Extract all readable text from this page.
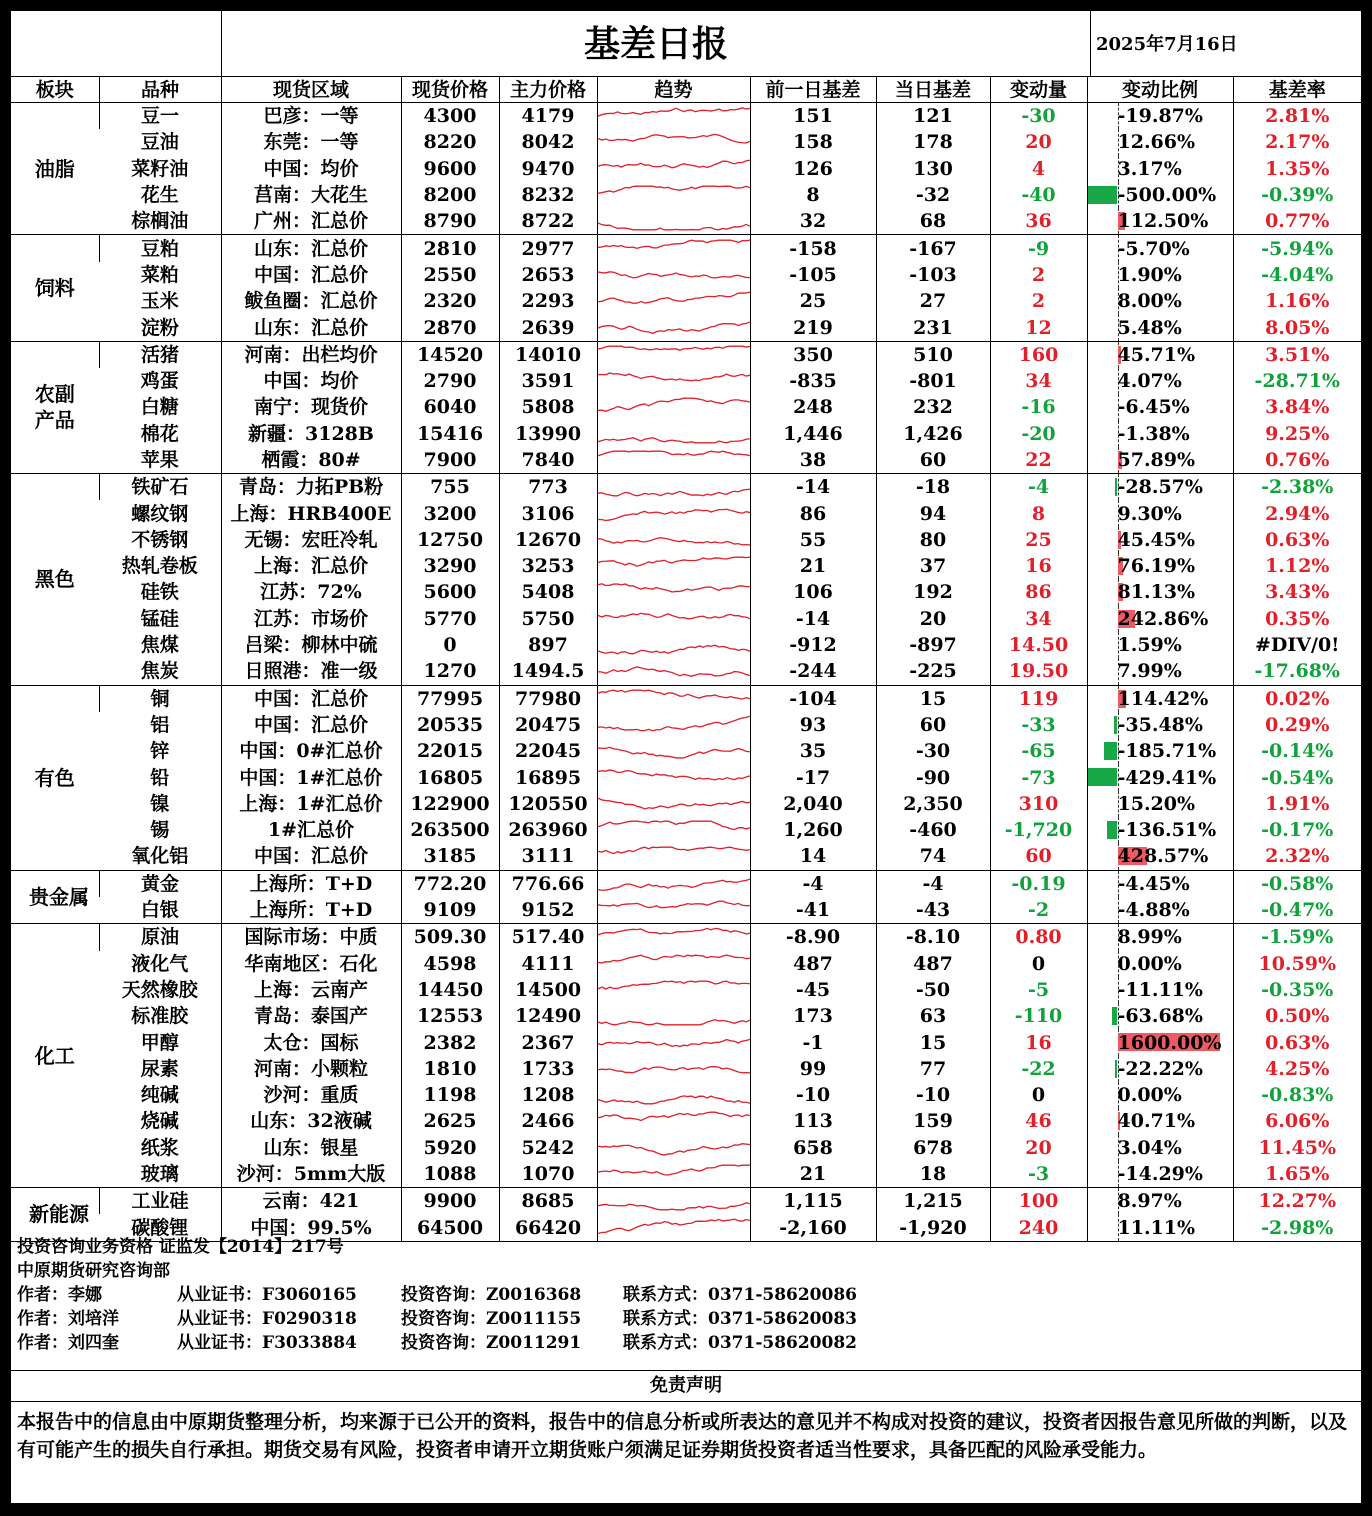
基差日报	2025年7月16日
板块	品种	现货区域	现货价格	主力价格	趋势	前一日基差	当日基差	变动量	变动比例	基差率
油脂	豆一	巴彦：一等	4300	4179		151	121	-30	-19.87%	2.81%
	豆油	东莞：一等	8220	8042		158	178	20	12.66%	2.17%
	菜籽油	中国：均价	9600	9470		126	130	4	3.17%	1.35%
	花生	莒南：大花生	8200	8232		8	-32	-40	-500.00%	-0.39%
	棕榈油	广州：汇总价	8790	8722		32	68	36	112.50%	0.77%
饲料	豆粕	山东：汇总价	2810	2977		-158	-167	-9	-5.70%	-5.94%
	菜粕	中国：汇总价	2550	2653		-105	-103	2	1.90%	-4.04%
	玉米	鲅鱼圈：汇总价	2320	2293		25	27	2	8.00%	1.16%
	淀粉	山东：汇总价	2870	2639		219	231	12	5.48%	8.05%
农副产品	活猪	河南：出栏均价	14520	14010		350	510	160	45.71%	3.51%
	鸡蛋	中国：均价	2790	3591		-835	-801	34	4.07%	-28.71%
	白糖	南宁：现货价	6040	5808		248	232	-16	-6.45%	3.84%
	棉花	新疆：3128B	15416	13990		1,446	1,426	-20	-1.38%	9.25%
	苹果	栖霞：80#	7900	7840		38	60	22	57.89%	0.76%
黑色	铁矿石	青岛：力拓PB粉	755	773		-14	-18	-4	-28.57%	-2.38%
	螺纹钢	上海：HRB400E	3200	3106		86	94	8	9.30%	2.94%
	不锈钢	无锡：宏旺冷轧	12750	12670		55	80	25	45.45%	0.63%
	热轧卷板	上海：汇总价	3290	3253		21	37	16	76.19%	1.12%
	硅铁	江苏：72%	5600	5408		106	192	86	81.13%	3.43%
	锰硅	江苏：市场价	5770	5750		-14	20	34	242.86%	0.35%
	焦煤	吕梁：柳林中硫	0	897		-912	-897	14.50	1.59%	#DIV/0!
	焦炭	日照港：准一级	1270	1494.5		-244	-225	19.50	7.99%	-17.68%
有色	铜	中国：汇总价	77995	77980		-104	15	119	114.42%	0.02%
	铝	中国：汇总价	20535	20475		93	60	-33	-35.48%	0.29%
	锌	中国：0#汇总价	22015	22045		35	-30	-65	-185.71%	-0.14%
	铅	中国：1#汇总价	16805	16895		-17	-90	-73	-429.41%	-0.54%
	镍	上海：1#汇总价	122900	120550		2,040	2,350	310	15.20%	1.91%
	锡	1#汇总价	263500	263960		1,260	-460	-1,720	-136.51%	-0.17%
	氧化铝	中国：汇总价	3185	3111		14	74	60	428.57%	2.32%
贵金属	黄金	上海所：T+D	772.20	776.66		-4	-4	-0.19	-4.45%	-0.58%
	白银	上海所：T+D	9109	9152		-41	-43	-2	-4.88%	-0.47%
化工	原油	国际市场：中质	509.30	517.40		-8.90	-8.10	0.80	8.99%	-1.59%
	液化气	华南地区：石化	4598	4111		487	487	0	0.00%	10.59%
	天然橡胶	上海：云南产	14450	14500		-45	-50	-5	-11.11%	-0.35%
	标准胶	青岛：泰国产	12553	12490		173	63	-110	-63.68%	0.50%
	甲醇	太仓：国标	2382	2367		-1	15	16	1600.00%	0.63%
	尿素	河南：小颗粒	1810	1733		99	77	-22	-22.22%	4.25%
	纯碱	沙河：重质	1198	1208		-10	-10	0	0.00%	-0.83%
	烧碱	山东：32液碱	2625	2466		113	159	46	40.71%	6.06%
	纸浆	山东：银星	5920	5242		658	678	20	3.04%	11.45%
	玻璃	沙河：5mm大版	1088	1070		21	18	-3	-14.29%	1.65%
新能源	工业硅	云南：421	9900	8685		1,115	1,215	100	8.97%	12.27%
	碳酸锂	中国：99.5%	64500	66420		-2,160	-1,920	240	11.11%	-2.98%
投资咨询业务资格 证监发【2014】217号
中原期货研究咨询部
作者：李娜	从业证书：F3060165	投资咨询：Z0016368 联系方式：0371-58620086
作者：刘培洋	从业证书：F0290318	投资咨询：Z0011155 联系方式：0371-58620083
作者：刘四奎	从业证书：F3033884	投资咨询：Z0011291 联系方式：0371-58620082
免责声明
本报告中的信息由中原期货整理分析，均来源于已公开的资料，报告中的信息分析或所表达的意见并不构成对投资的建议，投资者因报告意见所做的判断，以及有可能产生的损失自行承担。期货交易有风险，投资者申请开立期货账户须满足证券期货投资者适当性要求，具备匹配的风险承受能力。
